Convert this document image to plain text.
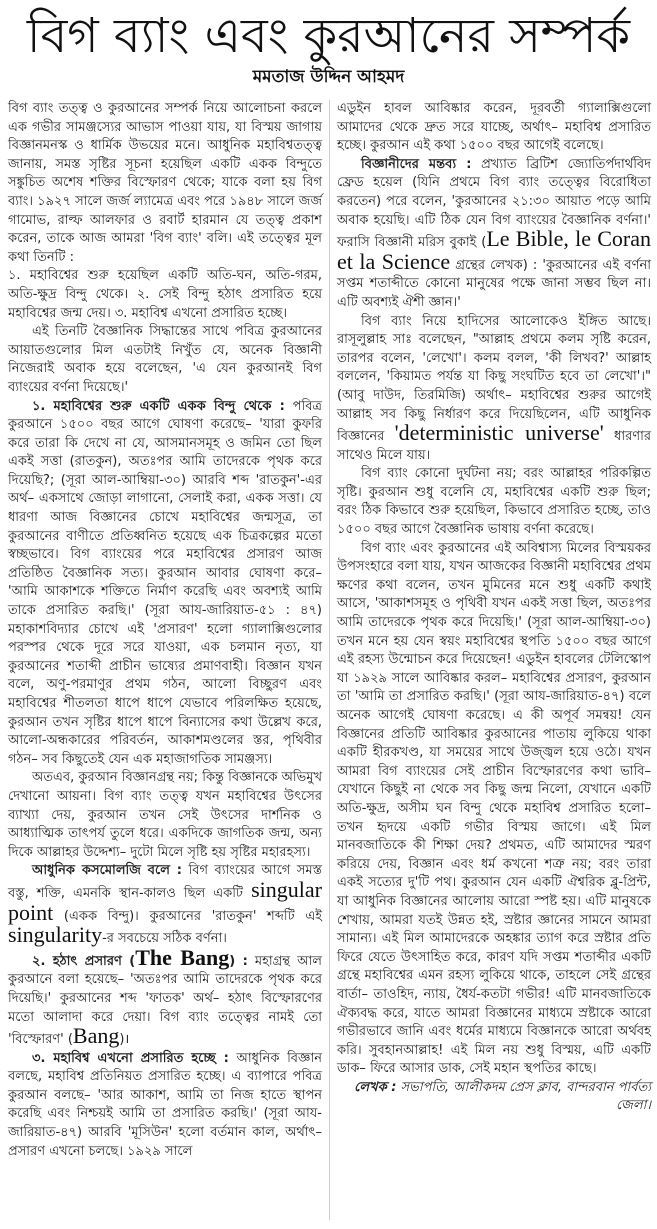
বিগ ব্যাং এবং কুরআনের সম্পর্ক
মমতাজ উদ্দিন আহমদ

বিগ ব্যাং তত্ত্ব ও কুরআনের সম্পর্ক নিয়ে আলোচনা করলে এক গভীর সামঞ্জস্যের আভাস পাওয়া যায়, যা বিস্ময় জাগায় বিজ্ঞানমনস্ক ও ধার্মিক উভয়ের মনে। আধুনিক মহাবিশ্বতত্ত্ব জানায়, সমস্ত সৃষ্টির সূচনা হয়েছিল একটি একক বিন্দুতে সঙ্কুচিত অশেষ শক্তির বিস্ফোরণ থেকে; যাকে বলা হয় বিগ ব্যাং। ১৯২৭ সালে জর্জ ল্যামেত্র এবং পরে ১৯৪৮ সালে জর্জ গামোভ, রাল্ফ আলফার ও রবার্ট হারমান যে তত্ত্ব প্রকাশ করেন, তাকে আজ আমরা 'বিগ ব্যাং' বলি। এই তত্ত্বের মূল কথা তিনটি :

১. মহাবিশ্বের শুরু হয়েছিল একটি অতি-ঘন, অতি-গরম, অতি-ক্ষুদ্র বিন্দু থেকে। ২. সেই বিন্দু হঠাৎ প্রসারিত হয়ে মহাবিশ্বের জন্ম দেয়। ৩. মহাবিশ্ব এখনো প্রসারিত হচ্ছে।

এই তিনটি বৈজ্ঞানিক সিদ্ধান্তের সাথে পবিত্র কুরআনের আয়াতগুলোর মিল এতটাই নিখুঁত যে, অনেক বিজ্ঞানী নিজেরাই অবাক হয়ে বলেছেন, 'এ যেন কুরআনই বিগ ব্যাংয়ের বর্ণনা দিয়েছে।'

১. মহাবিশ্বের শুরু একটি একক বিন্দু থেকে : পবিত্র কুরআনে ১৫০০ বছর আগে ঘোষণা করেছে– 'যারা কুফরি করে তারা কি দেখে না যে, আসমানসমূহ ও জমিন তো ছিল একই সত্তা (রাতকুন), অতঃপর আমি তাদেরকে পৃথক করে দিয়েছি?; (সূরা আল-আম্বিয়া-৩০) আরবি শব্দ 'রাতকুন'-এর অর্থ– একসাথে জোড়া লাগানো, সেলাই করা, একক সত্তা। যে ধারণা আজ বিজ্ঞানের চোখে মহাবিশ্বের জন্মসূত্র, তা কুরআনের বাণীতে প্রতিধ্বনিত হয়েছে এক চিত্রকল্পের মতো স্বচ্ছভাবে। বিগ ব্যাংয়ের পরে মহাবিশ্বের প্রসারণ আজ প্রতিষ্ঠিত বৈজ্ঞানিক সত্য। কুরআন আবার ঘোষণা করে– 'আমি আকাশকে শক্তিতে নির্মাণ করেছি এবং অবশ্যই আমি তাকে প্রসারিত করছি।' (সূরা আয-জারিয়াত-৫১ : ৪৭) মহাকাশবিদ্যার চোখে এই 'প্রসারণ' হলো গ্যালাক্সিগুলোর পরস্পর থেকে দূরে সরে যাওয়া, এক চলমান নৃত্য, যা কুরআনের শতাব্দী প্রাচীন ভাষ্যের প্রমাণবাহী। বিজ্ঞান যখন বলে, অণু-পরমাণুর প্রথম গঠন, আলো বিচ্ছুরণ এবং মহাবিশ্বের শীতলতা ধাপে ধাপে যেভাবে পরিলক্ষিত হয়েছে, কুরআন তখন সৃষ্টির ধাপে ধাপে বিন্যাসের কথা উল্লেখ করে, আলো-অন্ধকারের পরিবর্তন, আকাশমণ্ডলের স্তর, পৃথিবীর গঠন– সব কিছুতেই যেন এক মহাজাগতিক সামঞ্জস্য।

অতএব, কুরআন বিজ্ঞানগ্রন্থ নয়; কিন্তু বিজ্ঞানকে অভিমুখ দেখানো আয়না। বিগ ব্যাং তত্ত্ব যখন মহাবিশ্বের উৎসের ব্যাখ্যা দেয়, কুরআন তখন সেই উৎসের দার্শনিক ও আধ্যাত্মিক তাৎপর্য তুলে ধরে। একদিকে জাগতিক জন্ম, অন্য দিকে আল্লাহর উদ্দেশ্য– দুটো মিলে সৃষ্টি হয় সৃষ্টির মহারহস্য।

আধুনিক কসমোলজি বলে : বিগ ব্যাংয়ের আগে সমস্ত বস্তু, শক্তি, এমনকি স্থান-কালও ছিল একটি singular point (একক বিন্দু)। কুরআনের 'রাতকুন' শব্দটি এই singularity-র সবচেয়ে সঠিক বর্ণনা।

২. হঠাৎ প্রসারণ (The Bang) : মহাগ্রন্থ আল কুরআনে বলা হয়েছে– 'অতঃপর আমি তাদেরকে পৃথক করে দিয়েছি।' কুরআনের শব্দ 'ফাতক' অর্থ– হঠাৎ বিস্ফোরণের মতো আলাদা করে দেয়া। বিগ ব্যাং তত্ত্বের নামই তো 'বিস্ফোরণ' (Bang)।

৩. মহাবিশ্ব এখনো প্রসারিত হচ্ছে : আধুনিক বিজ্ঞান বলছে, মহাবিশ্ব প্রতিনিয়ত প্রসারিত হচ্ছে। এ ব্যাপারে পবিত্র কুরআন বলছে– 'আর আকাশ, আমি তা নিজ হাতে স্থাপন করেছি এবং নিশ্চয়ই আমি তা প্রসারিত করছি।' (সূরা আয-জারিয়াত-৪৭) আরবি 'মূসিউন' হলো বর্তমান কাল, অর্থাৎ– প্রসারণ এখনো চলছে। ১৯২৯ সালে

এডুইন হাবল আবিষ্কার করেন, দূরবর্তী গ্যালাক্সিগুলো আমাদের থেকে দ্রুত সরে যাচ্ছে, অর্থাৎ– মহাবিশ্ব প্রসারিত হচ্ছে। কুরআন এই কথা ১৫০০ বছর আগেই বলেছে।

বিজ্ঞানীদের মন্তব্য : প্রখ্যাত ব্রিটিশ জ্যোতির্পদার্থবিদ ফ্রেড হয়েল (যিনি প্রথমে বিগ ব্যাং তত্ত্বের বিরোধিতা করতেন) পরে বলেন, 'কুরআনের ২১:৩০ আয়াত পড়ে আমি অবাক হয়েছি। এটি ঠিক যেন বিগ ব্যাংয়ের বৈজ্ঞানিক বর্ণনা।' ফরাসি বিজ্ঞানী মরিস বুকাই (Le Bible, le Coran et la Science গ্রন্থের লেখক) : 'কুরআনের এই বর্ণনা সপ্তম শতাব্দীতে কোনো মানুষের পক্ষে জানা সম্ভব ছিল না। এটি অবশ্যই ঐশী জ্ঞান।'

বিগ ব্যাং নিয়ে হাদিসের আলোকেও ইঙ্গিত আছে। রাসূলুল্লাহ সাঃ বলেছেন, "আল্লাহ প্রথমে কলম সৃষ্টি করেন, তারপর বলেন, 'লেখো'। কলম বলল, 'কী লিখব?' আল্লাহ বললেন, 'কিয়ামত পর্যন্ত যা কিছু সংঘটিত হবে তা লেখো'।" (আবু দাউদ, তিরমিজি) অর্থাৎ– মহাবিশ্বের শুরুর আগেই আল্লাহ সব কিছু নির্ধারণ করে দিয়েছিলেন, এটি আধুনিক বিজ্ঞানের 'deterministic universe' ধারণার সাথেও মিলে যায়।

বিগ ব্যাং কোনো দুর্ঘটনা নয়; বরং আল্লাহর পরিকল্পিত সৃষ্টি। কুরআন শুধু বলেনি যে, মহাবিশ্বের একটি শুরু ছিল; বরং ঠিক কিভাবে শুরু হয়েছিল, কিভাবে প্রসারিত হচ্ছে, তাও ১৫০০ বছর আগে বৈজ্ঞানিক ভাষায় বর্ণনা করেছে।

বিগ ব্যাং এবং কুরআনের এই অবিশ্বাস্য মিলের বিস্ময়কর উপসংহারে বলা যায়, যখন আজকের বিজ্ঞানী মহাবিশ্বের প্রথম ক্ষণের কথা বলেন, তখন মুমিনের মনে শুধু একটি কথাই আসে, 'আকাশসমূহ ও পৃথিবী যখন একই সত্তা ছিল, অতঃপর আমি তাদেরকে পৃথক করে দিয়েছি।' (সূরা আল-আম্বিয়া-৩০) তখন মনে হয় যেন স্বয়ং মহাবিশ্বের স্থপতি ১৫০০ বছর আগে এই রহস্য উন্মোচন করে দিয়েছেন! এডুইন হাবলের টেলিস্কোপ যা ১৯২৯ সালে আবিষ্কার করল– মহাবিশ্বের প্রসারণ, কুরআন তা 'আমি তা প্রসারিত করছি।' (সূরা আয-জারিয়াত-৪৭) বলে অনেক আগেই ঘোষণা করেছে। এ কী অপূর্ব সমন্বয়! যেন বিজ্ঞানের প্রতিটি আবিষ্কার কুরআনের পাতায় লুকিয়ে থাকা একটি হীরকখণ্ড, যা সময়ের সাথে উজ্জ্বল হয়ে ওঠে। যখন আমরা বিগ ব্যাংয়ের সেই প্রাচীন বিস্ফোরণের কথা ভাবি– যেখানে কিছুই না থেকে সব কিছু জন্ম নিলো, যেখানে একটি অতি-ক্ষুদ্র, অসীম ঘন বিন্দু থেকে মহাবিশ্ব প্রসারিত হলো– তখন হৃদয়ে একটি গভীর বিস্ময় জাগে। এই মিল মানবজাতিকে কী শিক্ষা দেয়? প্রথমত, এটি আমাদের স্মরণ করিয়ে দেয়, বিজ্ঞান এবং ধর্ম কখনো শত্রু নয়; বরং তারা একই সত্যের দু'টি পথ। কুরআন যেন একটি ঐশ্বরিক ব্লু-প্রিন্ট, যা আধুনিক বিজ্ঞানের আলোয় আরো স্পষ্ট হয়। এটি মানুষকে শেখায়, আমরা যতই উন্নত হই, স্রষ্টার জ্ঞানের সামনে আমরা সামান্য। এই মিল আমাদেরকে অহঙ্কার ত্যাগ করে স্রষ্টার প্রতি ফিরে যেতে উৎসাহিত করে, কারণ যদি সপ্তম শতাব্দীর একটি গ্রন্থে মহাবিশ্বের এমন রহস্য লুকিয়ে থাকে, তাহলে সেই গ্রন্থের বার্তা– তাওহিদ, ন্যায়, ধৈর্য-কতটা গভীর! এটি মানবজাতিকে ঐক্যবদ্ধ করে, যাতে আমরা বিজ্ঞানের মাধ্যমে স্রষ্টাকে আরো গভীরভাবে জানি এবং ধর্মের মাধ্যমে বিজ্ঞানকে আরো অর্থবহ করি। সুবহানআল্লাহ! এই মিল নয় শুধু বিস্ময়, এটি একটি ডাক– ফিরে আসার ডাক, সেই মহান স্থপতির কাছে।

লেখক : সভাপতি, আলীকদম প্রেস ক্লাব, বান্দরবান পার্বত্য জেলা।
